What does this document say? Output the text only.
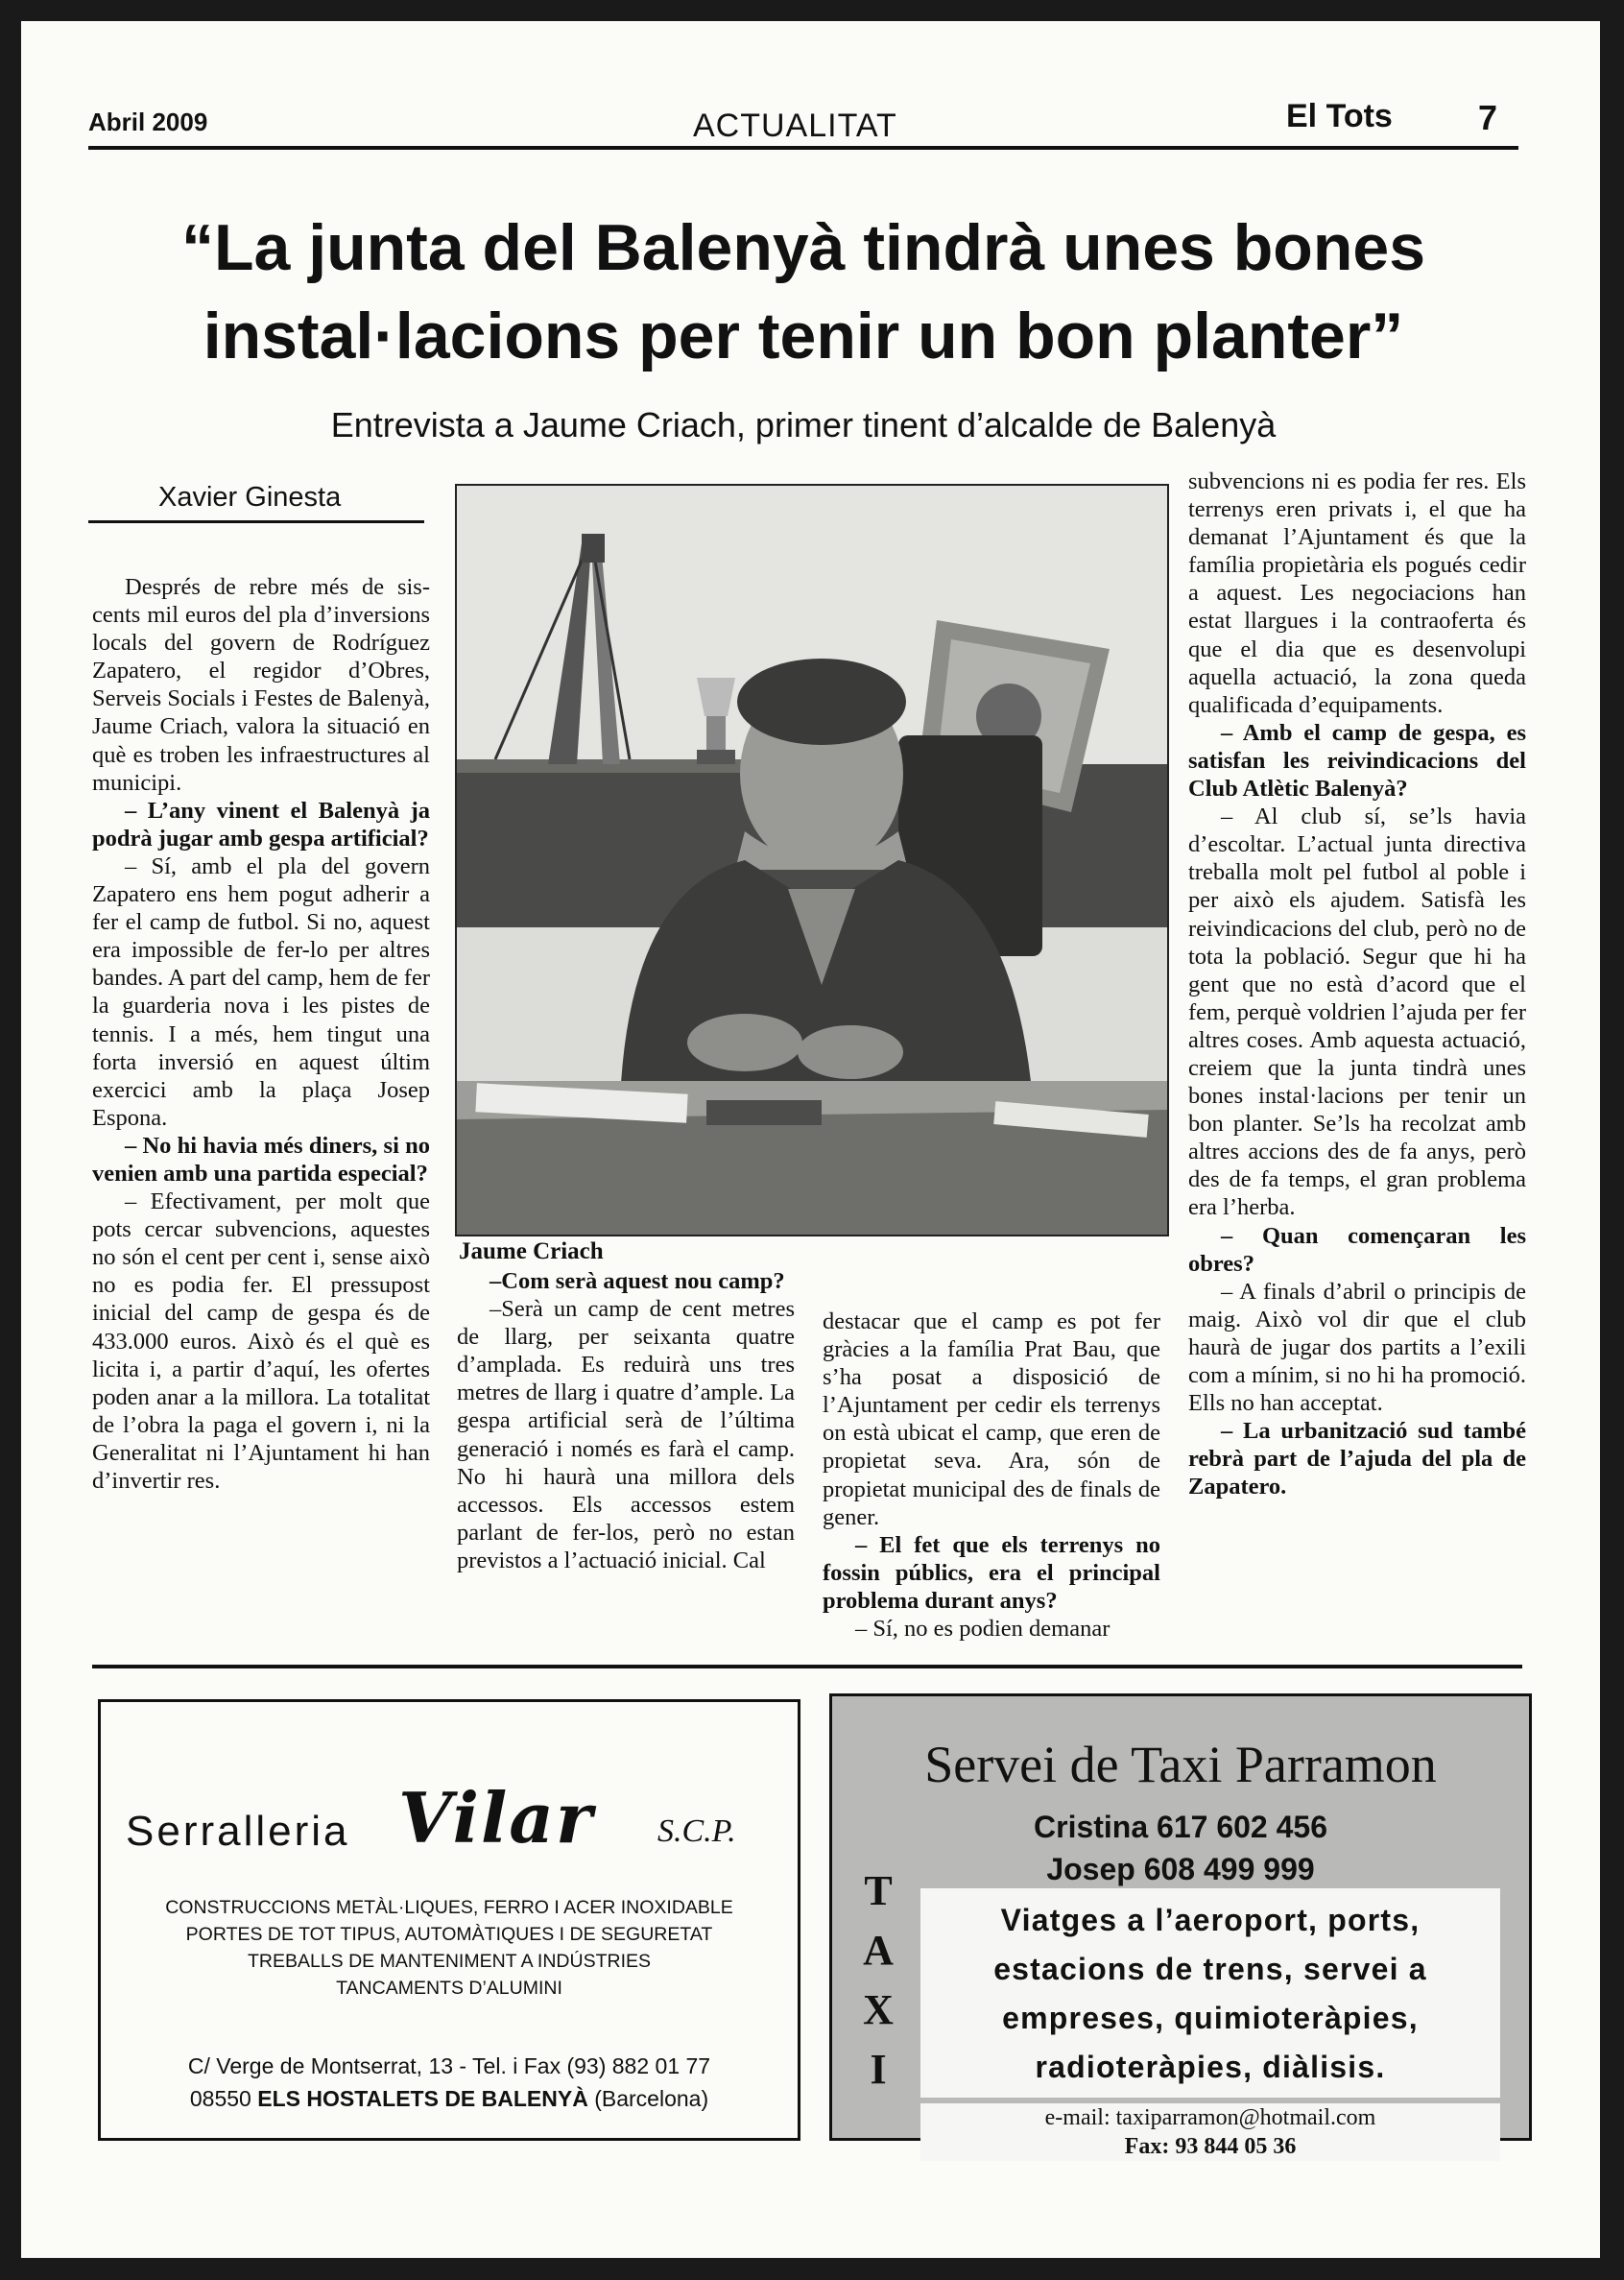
Abril 2009	ACTUALITAT	El Tots 7
“La junta del Balenyà tindrà unes bones
instal·lacions per tenir un bon planter”
Entrevista a Jaume Criach, primer tinent d’alcalde de Balenyà
Xavier Ginesta

Després de rebre més de sis-cents mil euros del pla d’inversions locals del govern de Rodríguez Zapatero, el regidor d’Obres, Serveis Socials i Festes de Balenyà, Jaume Criach, valora la situació en què es troben les infraestructures al municipi.

– L’any vinent el Balenyà ja podrà jugar amb gespa artificial?

– Sí, amb el pla del govern Zapatero ens hem pogut adherir a fer el camp de futbol. Si no, aquest era impossible de fer-lo per altres bandes. A part del camp, hem de fer la guarderia nova i les pistes de tennis. I a més, hem tingut una forta inversió en aquest últim exercici amb la plaça Josep Espona.

– No hi havia més diners, si no venien amb una partida especial?

– Efectivament, per molt que pots cercar subvencions, aquestes no són el cent per cent i, sense això no es podia fer. El pressupost inicial del camp de gespa és de 433.000 euros. Això és el què es licita i, a partir d’aquí, les ofertes poden anar a la millora. La totalitat de l’obra la paga el govern i, ni la Generalitat ni l’Ajuntament hi han d’invertir res.

Jaume Criach

–Com serà aquest nou camp?

–Serà un camp de cent metres de llarg, per seixanta quatre d’amplada. Es reduirà uns tres metres de llarg i quatre d’ample. La gespa artificial serà de l’última generació i només es farà el camp. No hi haurà una millora dels accessos. Els accessos estem parlant de fer-los, però no estan previstos a l’actuació inicial. Cal

destacar que el camp es pot fer gràcies a la família Prat Bau, que s’ha posat a disposició de l’Ajuntament per cedir els terrenys on està ubicat el camp, que eren de propietat seva. Ara, són de propietat municipal des de finals de gener.

– El fet que els terrenys no fossin públics, era el principal problema durant anys?

– Sí, no es podien demanar

subvencions ni es podia fer res. Els terrenys eren privats i, el que ha demanat l’Ajuntament és que la família propietària els pogués cedir a aquest. Les negociacions han estat llargues i la contraoferta és que el dia que es desenvolupi aquella actuació, la zona queda qualificada d’equipaments.

– Amb el camp de gespa, es satisfan les reivindicacions del Club Atlètic Balenyà?

– Al club sí, se’ls havia d’escoltar. L’actual junta directiva treballa molt pel futbol al poble i per això els ajudem. Satisfà les reivindicacions del club, però no de tota la població. Segur que hi ha gent que no està d’acord que el fem, perquè voldrien l’ajuda per fer altres coses. Amb aquesta actuació, creiem que la junta tindrà unes bones instal·lacions per tenir un bon planter. Se’ls ha recolzat amb altres accions des de fa anys, però des de fa temps, el gran problema era l’herba.

– Quan començaran les obres?

– A finals d’abril o principis de maig. Això vol dir que el club haurà de jugar dos partits a l’exili com a mínim, si no hi ha promoció. Ells no han acceptat.

– La urbanització sud també rebrà part de l’ajuda del pla de Zapatero.

Serralleria Vilar S.C.P.
CONSTRUCCIONS METÀL·LIQUES, FERRO I ACER INOXIDABLE
PORTES DE TOT TIPUS, AUTOMÀTIQUES I DE SEGURETAT
TREBALLS DE MANTENIMENT A INDÚSTRIES
TANCAMENTS D’ALUMINI
C/ Verge de Montserrat, 13 - Tel. i Fax (93) 882 01 77
08550 ELS HOSTALETS DE BALENYÀ (Barcelona)
Servei de Taxi Parramon
Cristina 617 602 456
Josep 608 499 999
T
A
X
I
Viatges a l’aeroport, ports,
estacions de trens, servei a
empreses, quimioteràpies,
radioteràpies, diàlisis.
e-mail: taxiparramon@hotmail.com
Fax: 93 844 05 36
